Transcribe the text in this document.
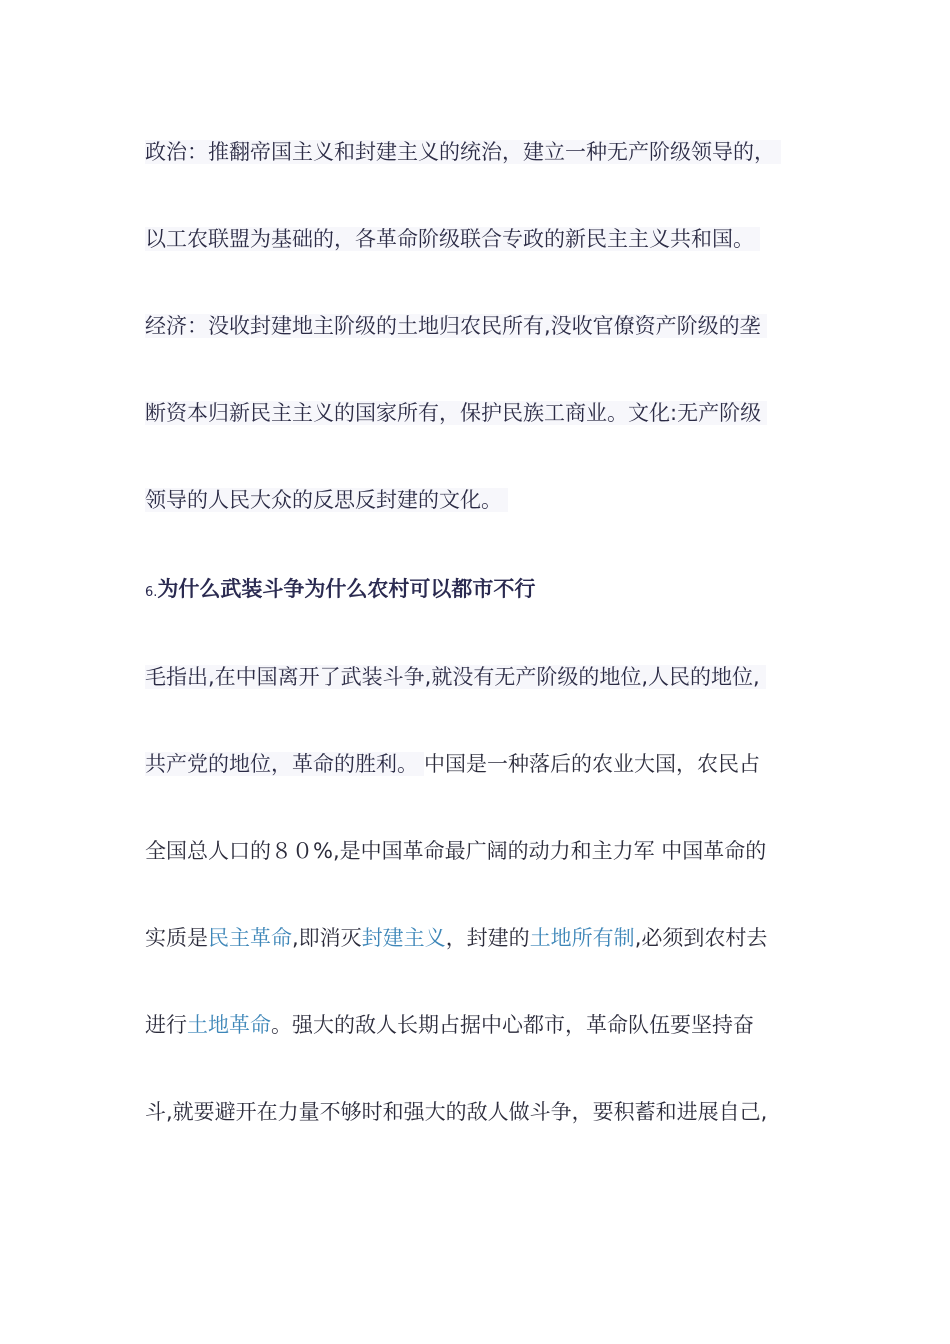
政治：推翻帝国主义和封建主义的统治，建立一种无产阶级领导的，
以工农联盟为基础的，各革命阶级联合专政的新民主主义共和国。
经济：没收封建地主阶级的土地归农民所有,没收官僚资产阶级的垄
断资本归新民主主义的国家所有，保护民族工商业。文化:无产阶级
领导的人民大众的反思反封建的文化。
6.为什么武装斗争为什么农村可以都市不行
毛指出,在中国离开了武装斗争,就没有无产阶级的地位,人民的地位,
共产党的地位，革命的胜利。 中国是一种落后的农业大国，农民占
全国总人口的８０%,是中国革命最广阔的动力和主力军 中国革命的
实质是民主革命,即消灭封建主义，封建的土地所有制,必须到农村去
进行土地革命。强大的敌人长期占据中心都市，革命队伍要坚持奋
斗,就要避开在力量不够时和强大的敌人做斗争，要积蓄和进展自己,
